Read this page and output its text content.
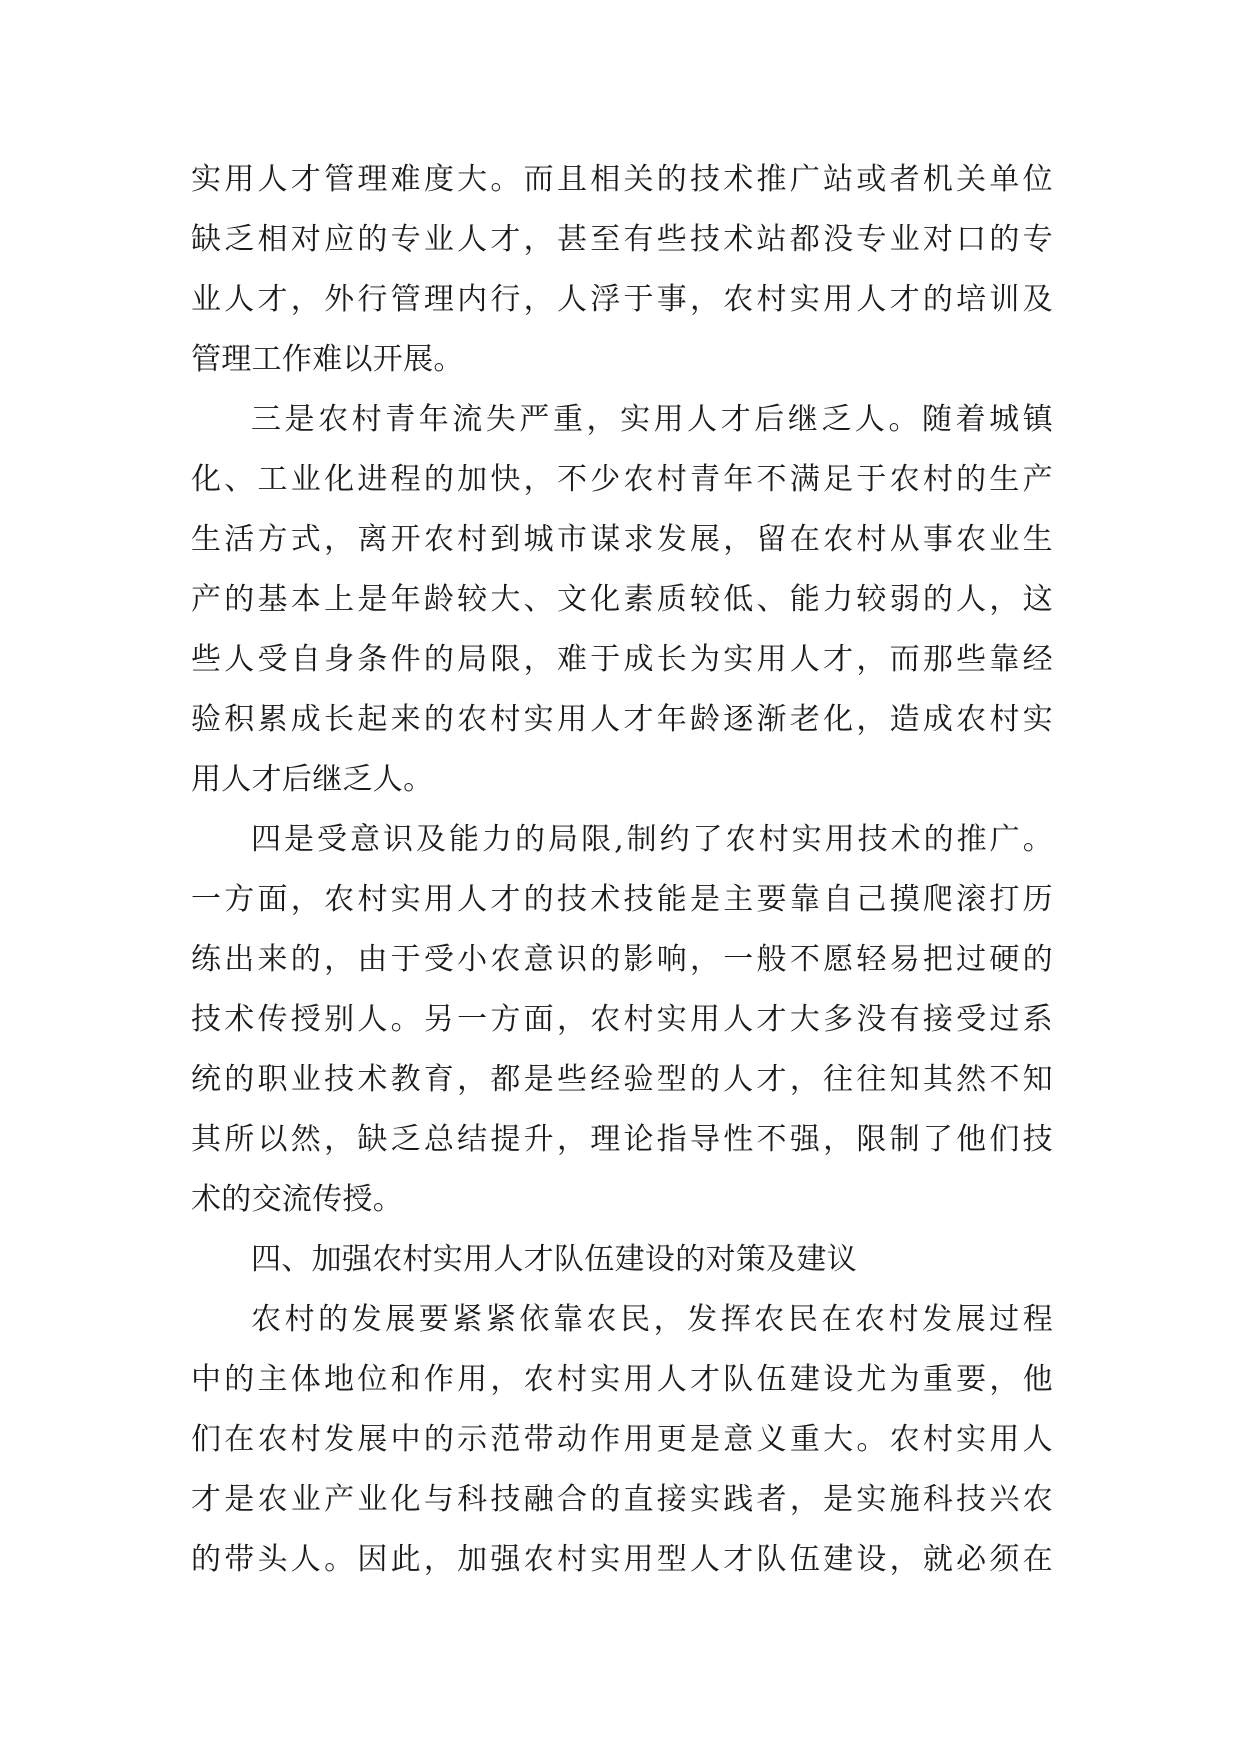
实用人才管理难度大。而且相关的技术推广站或者机关单位
缺乏相对应的专业人才，甚至有些技术站都没专业对口的专
业人才，外行管理内行，人浮于事，农村实用人才的培训及
管理工作难以开展。
三是农村青年流失严重，实用人才后继乏人。随着城镇
化、工业化进程的加快，不少农村青年不满足于农村的生产
生活方式，离开农村到城市谋求发展，留在农村从事农业生
产的基本上是年龄较大、文化素质较低、能力较弱的人，这
些人受自身条件的局限，难于成长为实用人才，而那些靠经
验积累成长起来的农村实用人才年龄逐渐老化，造成农村实
用人才后继乏人。
四是受意识及能力的局限,制约了农村实用技术的推广。
一方面，农村实用人才的技术技能是主要靠自己摸爬滚打历
练出来的，由于受小农意识的影响，一般不愿轻易把过硬的
技术传授别人。另一方面，农村实用人才大多没有接受过系
统的职业技术教育，都是些经验型的人才，往往知其然不知
其所以然，缺乏总结提升，理论指导性不强，限制了他们技
术的交流传授。
四、加强农村实用人才队伍建设的对策及建议
农村的发展要紧紧依靠农民，发挥农民在农村发展过程
中的主体地位和作用，农村实用人才队伍建设尤为重要，他
们在农村发展中的示范带动作用更是意义重大。农村实用人
才是农业产业化与科技融合的直接实践者，是实施科技兴农
的带头人。因此，加强农村实用型人才队伍建设，就必须在
